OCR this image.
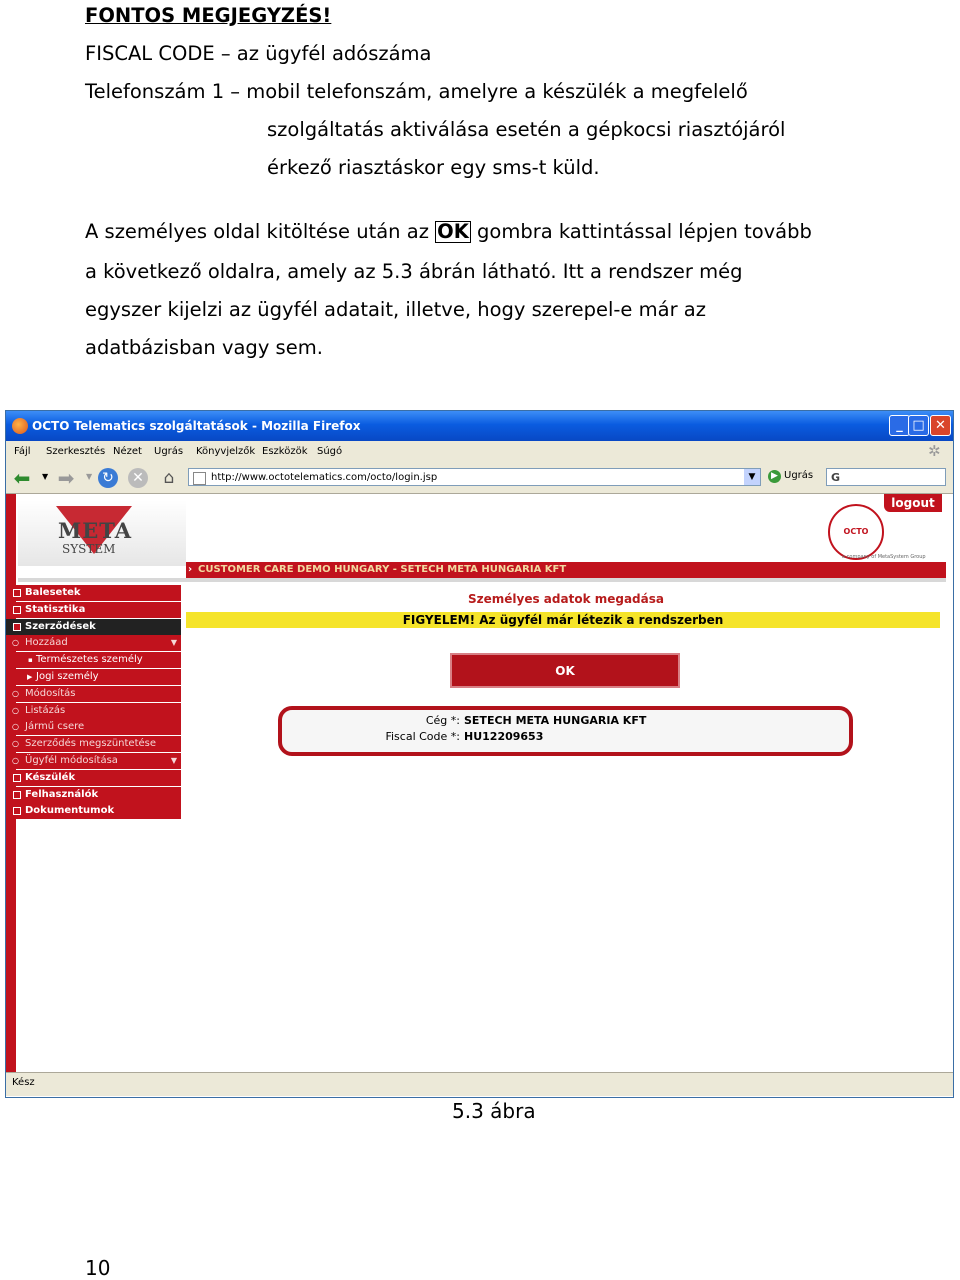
FONTOS MEGJEGYZÉS!
FISCAL CODE – az ügyfél adószáma
Telefonszám 1 – mobil telefonszám, amelyre a készülék a megfelelő
szolgáltatás aktiválása esetén a gépkocsi riasztójáról
érkező riasztáskor egy sms-t küld.
A személyes oldal kitöltése után az OK gombra kattintással lépjen tovább
a következő oldalra, amely az 5.3 ábrán látható. Itt a rendszer még
egyszer kijelzi az ügyfél adatait, illetve, hogy szerepel-e már az
adatbázisban vagy sem.
OCTO Telematics szolgáltatások - Mozilla Firefox	_ □ ✕
Fájl Szerkesztés Nézet Ugrás Könyvjelzők Eszközök Súgó	✲
⬅ ▼ ➡ ▼ ↻ ✕ ⌂	http://www.octotelematics.com/octo/login.jsp	▼	▶ Ugrás	G
META
SYSTEM
logout
OCTO
a company of MetaSystem Group
› CUSTOMER CARE DEMO HUNGARY - SETECH META HUNGARIA KFT
Balesetek
Statisztika
Szerződések
○ Hozzáad	▼
▪ Természetes személy
▶ Jogi személy
○ Módosítás
○ Listázás
○ Jármű csere
○ Szerződés megszüntetése
○ Ügyfél módosítása	▼
Készülék
Felhasználók
Dokumentumok
Személyes adatok megadása
FIGYELEM! Az ügyfél már létezik a rendszerben
OK
Cég *: SETECH META HUNGARIA KFT
Fiscal Code *: HU12209653
Kész
5.3 ábra
10
